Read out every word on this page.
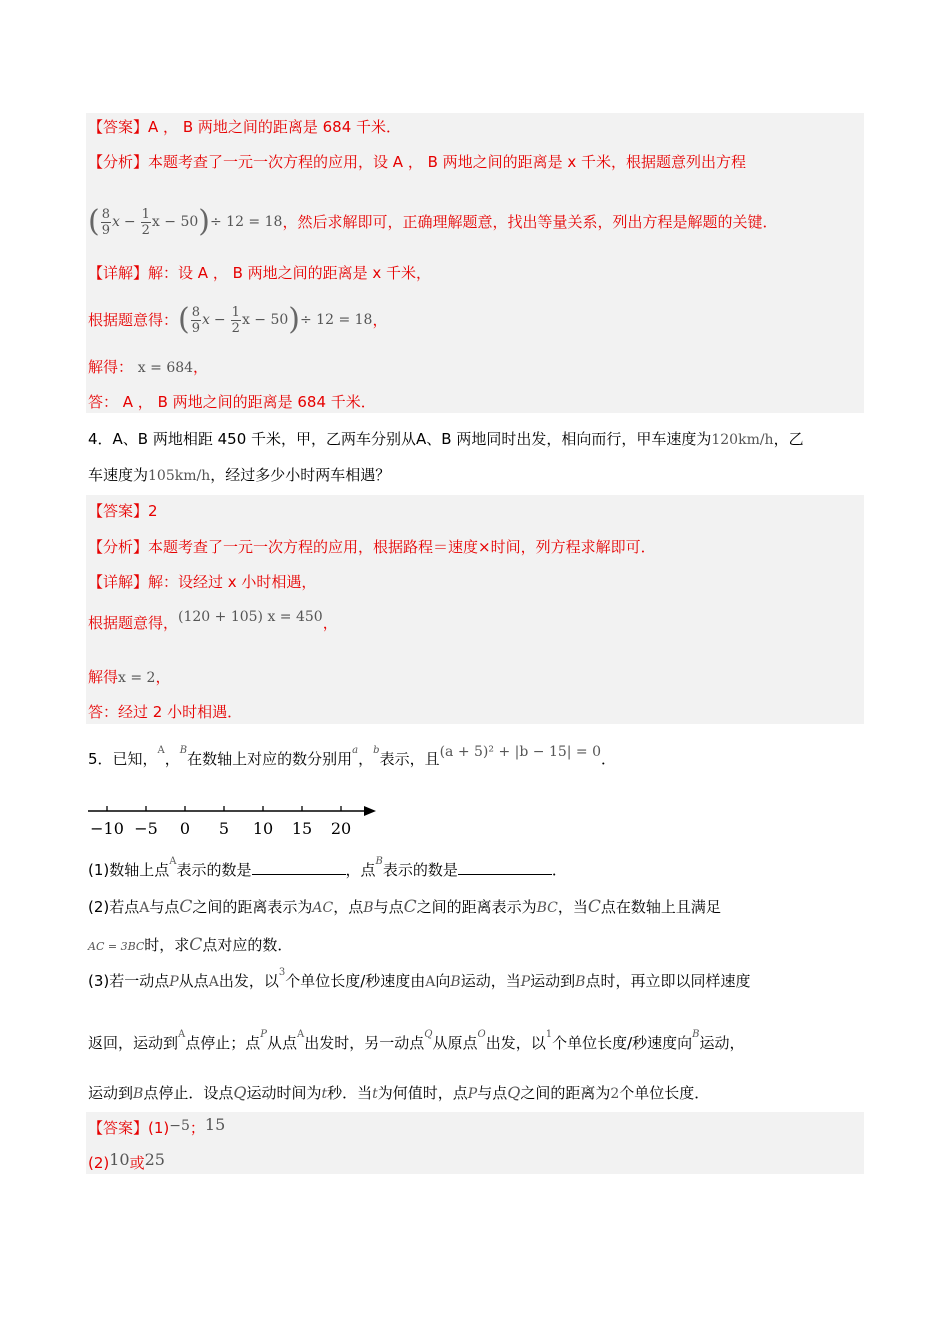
【答案】A ， B 两地之间的距离是 684 千米．
【分析】本题考查了一元一次方程的应用，设 A ， B 两地之间的距离是 x 千米，根据题意列出方程
( $\frac{8}{9}$ $x - \frac{1}{2}$ x − 50 ) ÷ 12 = 18 ，然后求解即可，正确理解题意，找出等量关系，列出方程是解题的关键．
【详解】解：设 A ， B 两地之间的距离是 x 千米，
根据题意得： ( $\frac{8}{9}$ $x - \frac{1}{2}$ x − 50 ) ÷ 12 = 18 ，
解得： x = 684，
答： A ， B 两地之间的距离是 684 千米．
4．A、B 两地相距 450 千米，甲，乙两车分别从A、B 两地同时出发，相向而行，甲车速度为120km/h，乙
车速度为105km/h，经过多少小时两车相遇？
【答案】2
【分析】本题考查了一元一次方程的应用，根据路程＝速度×时间，列方程求解即可．
【详解】解：设经过 x 小时相遇，
根据题意得，(120 + 105) x = 450，
解得x = 2，
答：经过 2 小时相遇．
5．已知，$^A$，$^B$在数轴上对应的数分别用$^a$，$^b$表示，且(a + 5)² + |b − 15| = 0．
−10 −5 0 5 10 15 20
(1)数轴上点$^A$表示的数是	，点$^B$表示的数是	．
(2)若点A与点C之间的距离表示为AC，点B与点C之间的距离表示为BC，当C点在数轴上且满足
AC = 3BC时，求C点对应的数．
(3)若一动点P从点A出发，以$^3$个单位长度/秒速度由A向B运动，当P运动到B点时，再立即以同样速度
返回，运动到$^A$点停止；点$^P$从点$^A$出发时，另一动点$^Q$从原点$^O$出发，以$^1$个单位长度/秒速度向$^B$运动，
运动到B点停止．设点Q运动时间为t秒．当t为何值时，点P与点Q之间的距离为2个单位长度．
【答案】(1)−5；15
(2)10或25
